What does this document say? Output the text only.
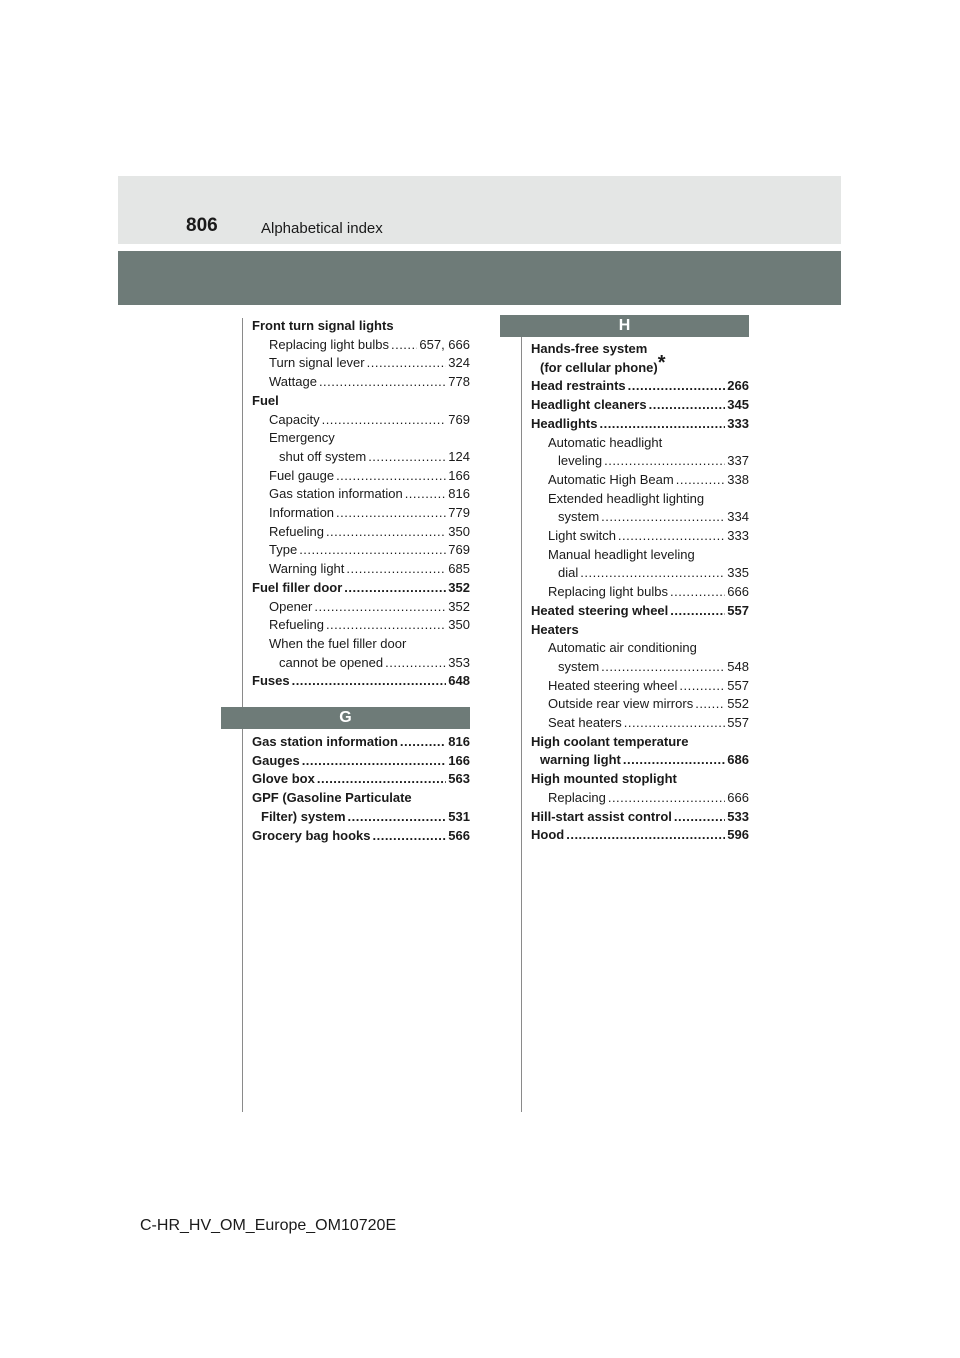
806	Alphabetical index
Front turn signal lights
Replacing light bulbs ..... 657, 666
Turn signal lever .....	324
Wattage .....	778
Fuel
Capacity .....	769
Emergency
shut off system .....	124
Fuel gauge .....	166
Gas station information .....	816
Information .....	779
Refueling .....	350
Type .....	769
Warning light .....	685
Fuel filler door .....	352
Opener .....	352
Refueling .....	350
When the fuel filler door
cannot be opened .....	353
Fuses .....	648
G
Gas station information .....	816
Gauges .....	166
Glove box .....	563
GPF (Gasoline Particulate
Filter) system .....	531
Grocery bag hooks .....	566
H
Hands-free system
(for cellular phone)*
Head restraints .....	266
Headlight cleaners .....	345
Headlights .....	333
Automatic headlight
leveling .....	337
Automatic High Beam .....	338
Extended headlight lighting
system .....	334
Light switch .....	333
Manual headlight leveling
dial .....	335
Replacing light bulbs .....	666
Heated steering wheel .....	557
Heaters
Automatic air conditioning
system .....	548
Heated steering wheel .....	557
Outside rear view mirrors .....	552
Seat heaters .....	557
High coolant temperature
warning light .....	686
High mounted stoplight
Replacing .....	666
Hill-start assist control .....	533
Hood .....	596
C-HR_HV_OM_Europe_OM10720E
